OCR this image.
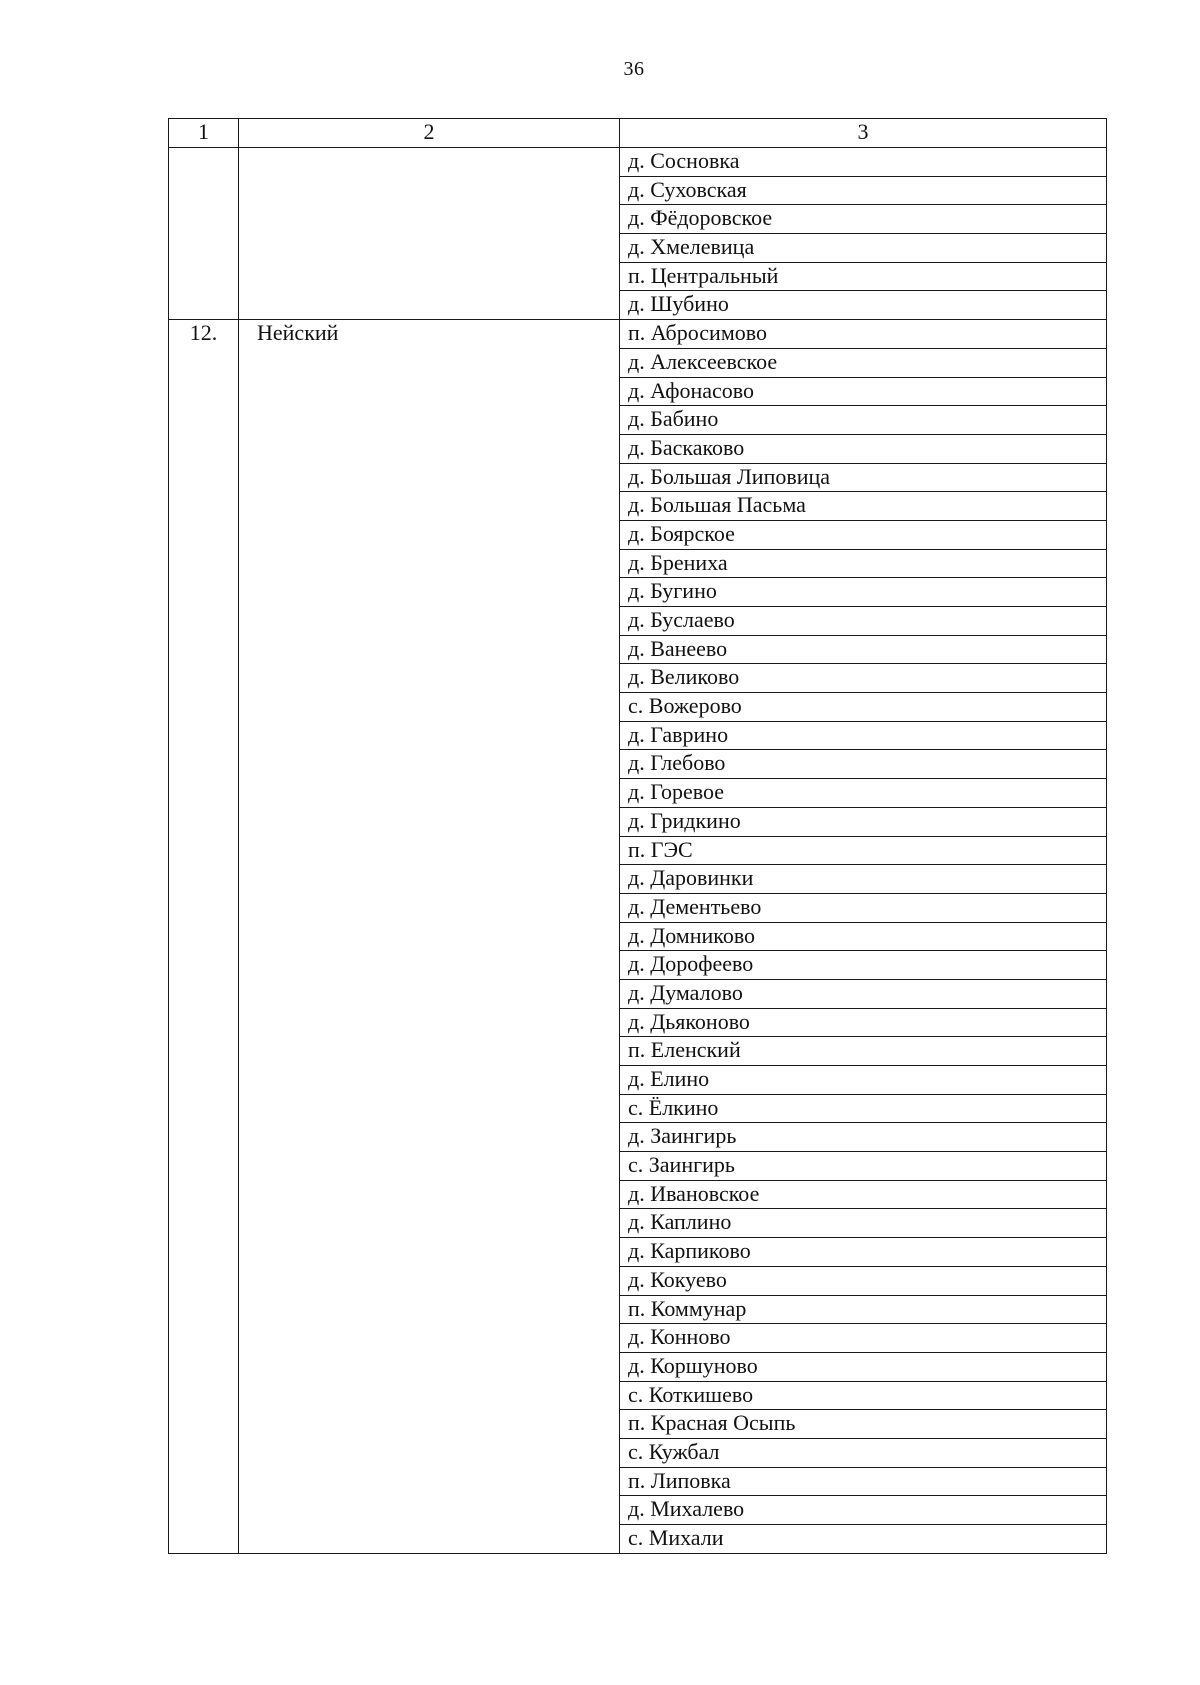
36
1	2	3
		д. Сосновка
		д. Суховская
		д. Фёдоровское
		д. Хмелевица
		п. Центральный
		д. Шубино
12.	Нейский	п. Абросимово
		д. Алексеевское
		д. Афонасово
		д. Бабино
		д. Баскаково
		д. Большая Липовица
		д. Большая Пасьма
		д. Боярское
		д. Брениха
		д. Бугино
		д. Буслаево
		д. Ванеево
		д. Великово
		с. Вожерово
		д. Гаврино
		д. Глебово
		д. Горевое
		д. Гридкино
		п. ГЭС
		д. Даровинки
		д. Дементьево
		д. Домниково
		д. Дорофеево
		д. Думалово
		д. Дьяконово
		п. Еленский
		д. Елино
		с. Ёлкино
		д. Заингирь
		с. Заингирь
		д. Ивановское
		д. Каплино
		д. Карпиково
		д. Кокуево
		п. Коммунар
		д. Конново
		д. Коршуново
		с. Коткишево
		п. Красная Осыпь
		с. Кужбал
		п. Липовка
		д. Михалево
		с. Михали
